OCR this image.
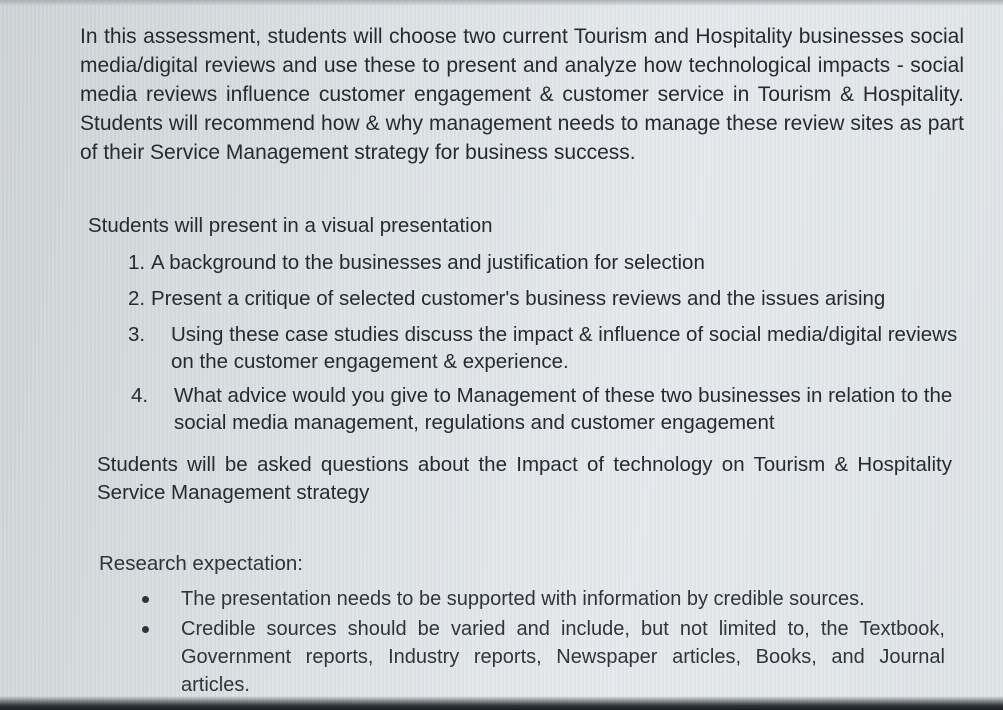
In this assessment, students will choose two current Tourism and Hospitality businesses social media/digital reviews and use these to present and analyze how technological impacts - social media reviews influence customer engagement & customer service in Tourism & Hospitality. Students will recommend how & why management needs to manage these review sites as part of their Service Management strategy for business success.

Students will present in a visual presentation

1. A background to the businesses and justification for selection
2. Present a critique of selected customer's business reviews and the issues arising
3.	Using these case studies discuss the impact & influence of social media/digital reviews on the customer engagement & experience.
4.	What advice would you give to Management of these two businesses in relation to the social media management, regulations and customer engagement

Students will be asked questions about the Impact of technology on Tourism & Hospitality Service Management strategy

Research expectation:

The presentation needs to be supported with information by credible sources.
Credible sources should be varied and include, but not limited to, the Textbook, Government reports, Industry reports, Newspaper articles, Books, and Journal articles.
